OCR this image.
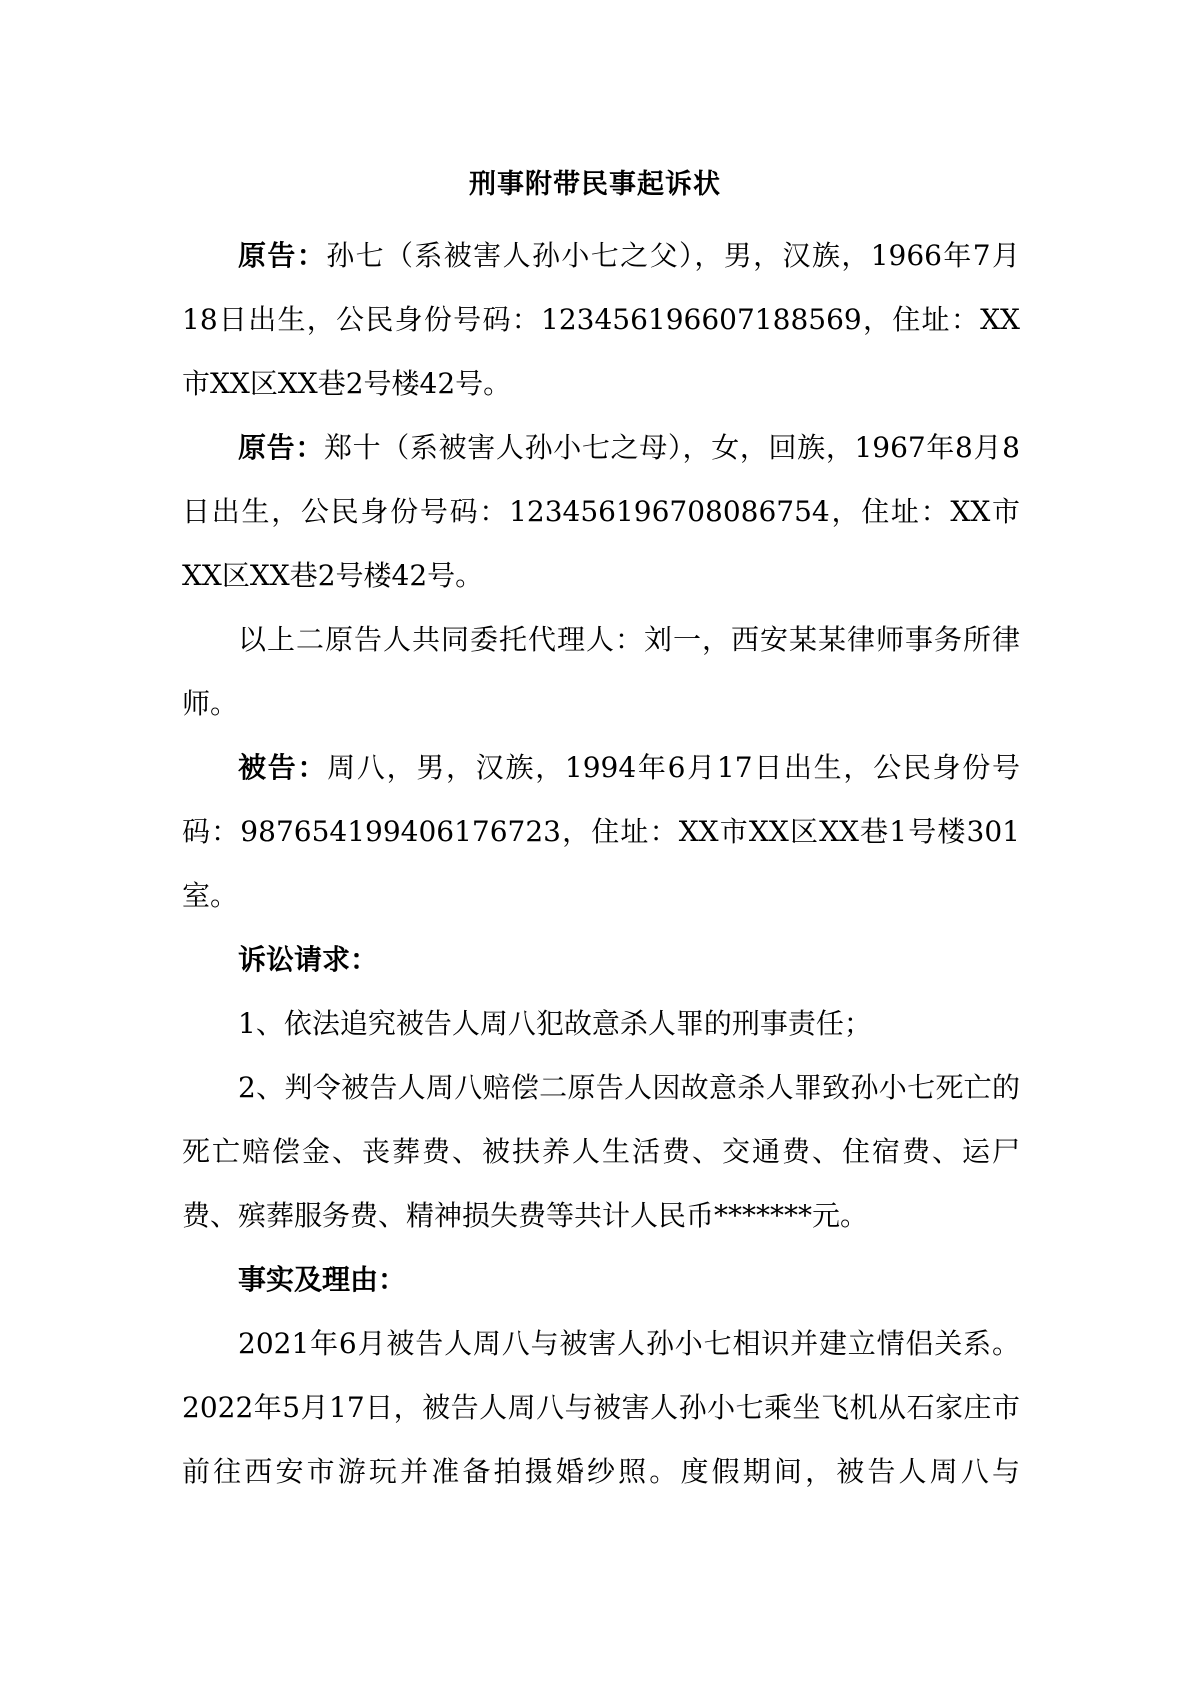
刑事附带民事起诉状

原告：孙七（系被害人孙小七之父），男，汉族，1966年7月18日出生，公民身份号码：123456196607188569，住址：XX市XX区XX巷2号楼42号。

原告：郑十（系被害人孙小七之母），女，回族，1967年8月8日出生，公民身份号码：123456196708086754，住址：XX市XX区XX巷2号楼42号。

以上二原告人共同委托代理人：刘一，西安某某律师事务所律师。

被告：周八，男，汉族，1994年6月17日出生，公民身份号码：987654199406176723，住址：XX市XX区XX巷1号楼301室。

诉讼请求：

1、依法追究被告人周八犯故意杀人罪的刑事责任；

2、判令被告人周八赔偿二原告人因故意杀人罪致孙小七死亡的死亡赔偿金、丧葬费、被扶养人生活费、交通费、住宿费、运尸费、殡葬服务费、精神损失费等共计人民币*******元。

事实及理由：

2021年6月被告人周八与被害人孙小七相识并建立情侣关系。2022年5月17日，被告人周八与被害人孙小七乘坐飞机从石家庄市前往西安市游玩并准备拍摄婚纱照。度假期间，被告人周八与
